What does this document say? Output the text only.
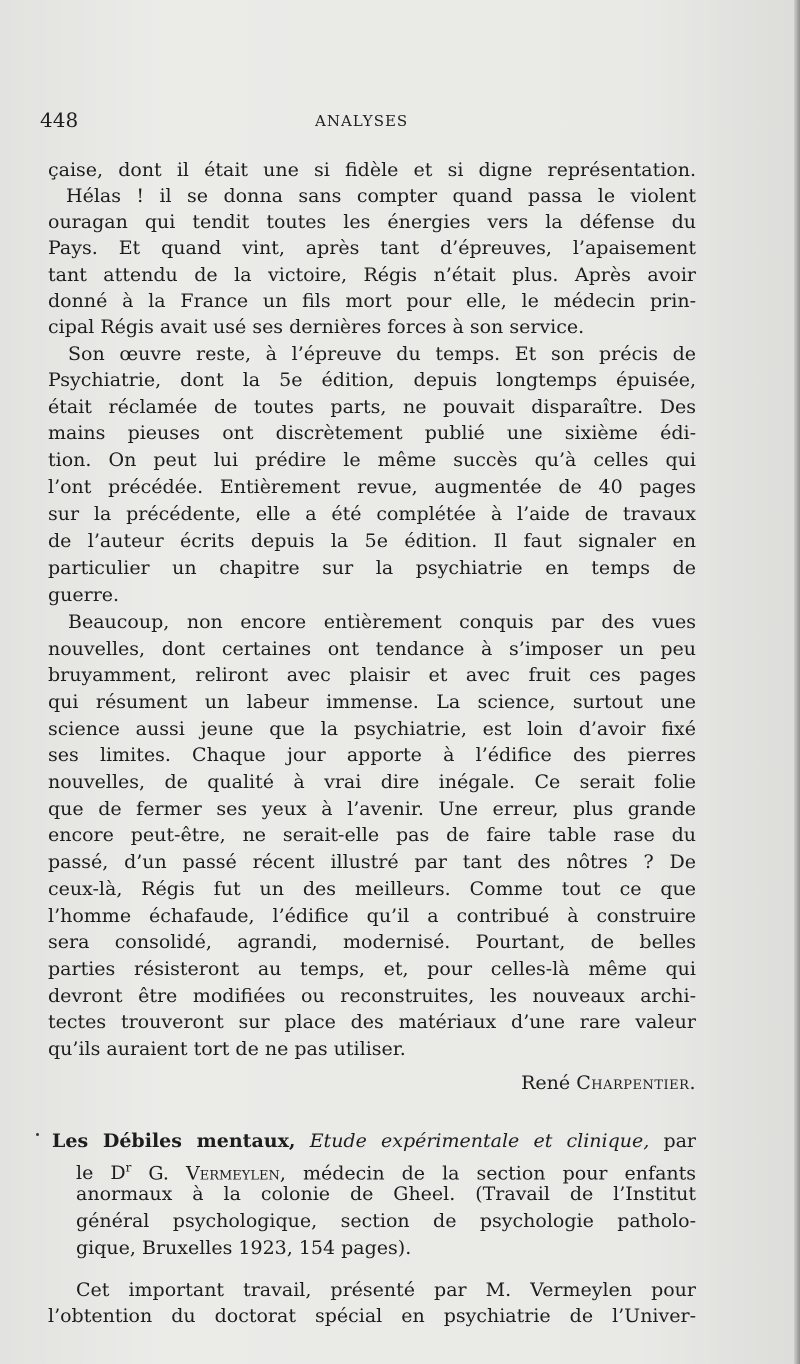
448	ANALYSES
çaise, dont il était une si fidèle et si digne représentation.
Hélas ! il se donna sans compter quand passa le violent
ouragan qui tendit toutes les énergies vers la défense du
Pays. Et quand vint, après tant d’épreuves, l’apaisement
tant attendu de la victoire, Régis n’était plus. Après avoir
donné à la France un fils mort pour elle, le médecin prin-
cipal Régis avait usé ses dernières forces à son service.
Son œuvre reste, à l’épreuve du temps. Et son précis de
Psychiatrie, dont la 5e édition, depuis longtemps épuisée,
était réclamée de toutes parts, ne pouvait disparaître. Des
mains pieuses ont discrètement publié une sixième édi-
tion. On peut lui prédire le même succès qu’à celles qui
l’ont précédée. Entièrement revue, augmentée de 40 pages
sur la précédente, elle a été complétée à l’aide de travaux
de l’auteur écrits depuis la 5e édition. Il faut signaler en
particulier un chapitre sur la psychiatrie en temps de
guerre.
Beaucoup, non encore entièrement conquis par des vues
nouvelles, dont certaines ont tendance à s’imposer un peu
bruyamment, reliront avec plaisir et avec fruit ces pages
qui résument un labeur immense. La science, surtout une
science aussi jeune que la psychiatrie, est loin d’avoir fixé
ses limites. Chaque jour apporte à l’édifice des pierres
nouvelles, de qualité à vrai dire inégale. Ce serait folie
que de fermer ses yeux à l’avenir. Une erreur, plus grande
encore peut-être, ne serait-elle pas de faire table rase du
passé, d’un passé récent illustré par tant des nôtres ? De
ceux-là, Régis fut un des meilleurs. Comme tout ce que
l’homme échafaude, l’édifice qu’il a contribué à construire
sera consolidé, agrandi, modernisé. Pourtant, de belles
parties résisteront au temps, et, pour celles-là même qui
devront être modifiées ou reconstruites, les nouveaux archi-
tectes trouveront sur place des matériaux d’une rare valeur
qu’ils auraient tort de ne pas utiliser.
René Charpentier.
Les Débiles mentaux, Etude expérimentale et clinique, par
le $D^r$ G. Vermeylen, médecin de la section pour enfants
anormaux à la colonie de Gheel. (Travail de l’Institut
général psychologique, section de psychologie patholo-
gique, Bruxelles 1923, 154 pages).
Cet important travail, présenté par M. Vermeylen pour
l’obtention du doctorat spécial en psychiatrie de l’Univer-
